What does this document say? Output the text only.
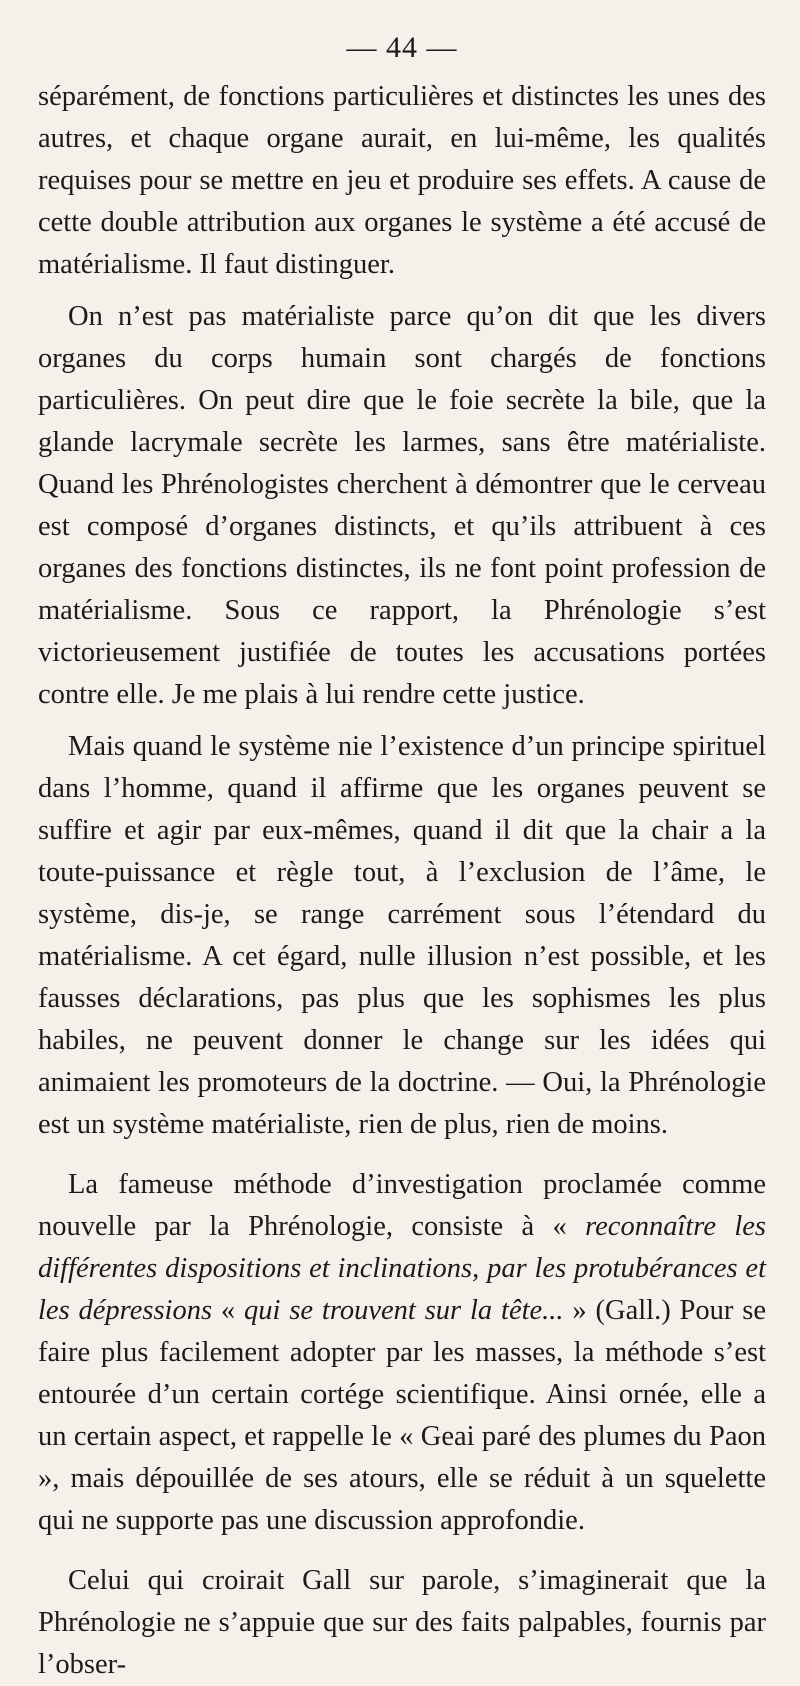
— 44 —

séparément, de fonctions particulières et distinctes les unes des autres, et chaque organe aurait, en lui-même, les qualités requises pour se mettre en jeu et produire ses effets. A cause de cette double attribution aux organes le système a été accusé de matérialisme. Il faut distinguer.

On n’est pas matérialiste parce qu’on dit que les divers organes du corps humain sont chargés de fonctions particulières. On peut dire que le foie secrète la bile, que la glande lacrymale secrète les larmes, sans être matérialiste. Quand les Phrénologistes cherchent à démontrer que le cerveau est composé d’organes distincts, et qu’ils attribuent à ces organes des fonctions distinctes, ils ne font point profession de matérialisme. Sous ce rapport, la Phrénologie s’est victorieusement justifiée de toutes les accusations portées contre elle. Je me plais à lui rendre cette justice.

Mais quand le système nie l’existence d’un principe spirituel dans l’homme, quand il affirme que les organes peuvent se suffire et agir par eux-mêmes, quand il dit que la chair a la toute-puissance et règle tout, à l’exclusion de l’âme, le système, dis-je, se range carrément sous l’étendard du matérialisme. A cet égard, nulle illusion n’est possible, et les fausses déclarations, pas plus que les sophismes les plus habiles, ne peuvent donner le change sur les idées qui animaient les promoteurs de la doctrine. — Oui, la Phrénologie est un système matérialiste, rien de plus, rien de moins.

La fameuse méthode d’investigation proclamée comme nouvelle par la Phrénologie, consiste à « reconnaître les différentes dispositions et inclinations, par les protubérances et les dépressions « qui se trouvent sur la tête... » (Gall.) Pour se faire plus facilement adopter par les masses, la méthode s’est entourée d’un certain cortége scientifique. Ainsi ornée, elle a un certain aspect, et rappelle le « Geai paré des plumes du Paon », mais dépouillée de ses atours, elle se réduit à un squelette qui ne supporte pas une discussion approfondie.

Celui qui croirait Gall sur parole, s’imaginerait que la Phrénologie ne s’appuie que sur des faits palpables, fournis par l’obser-
